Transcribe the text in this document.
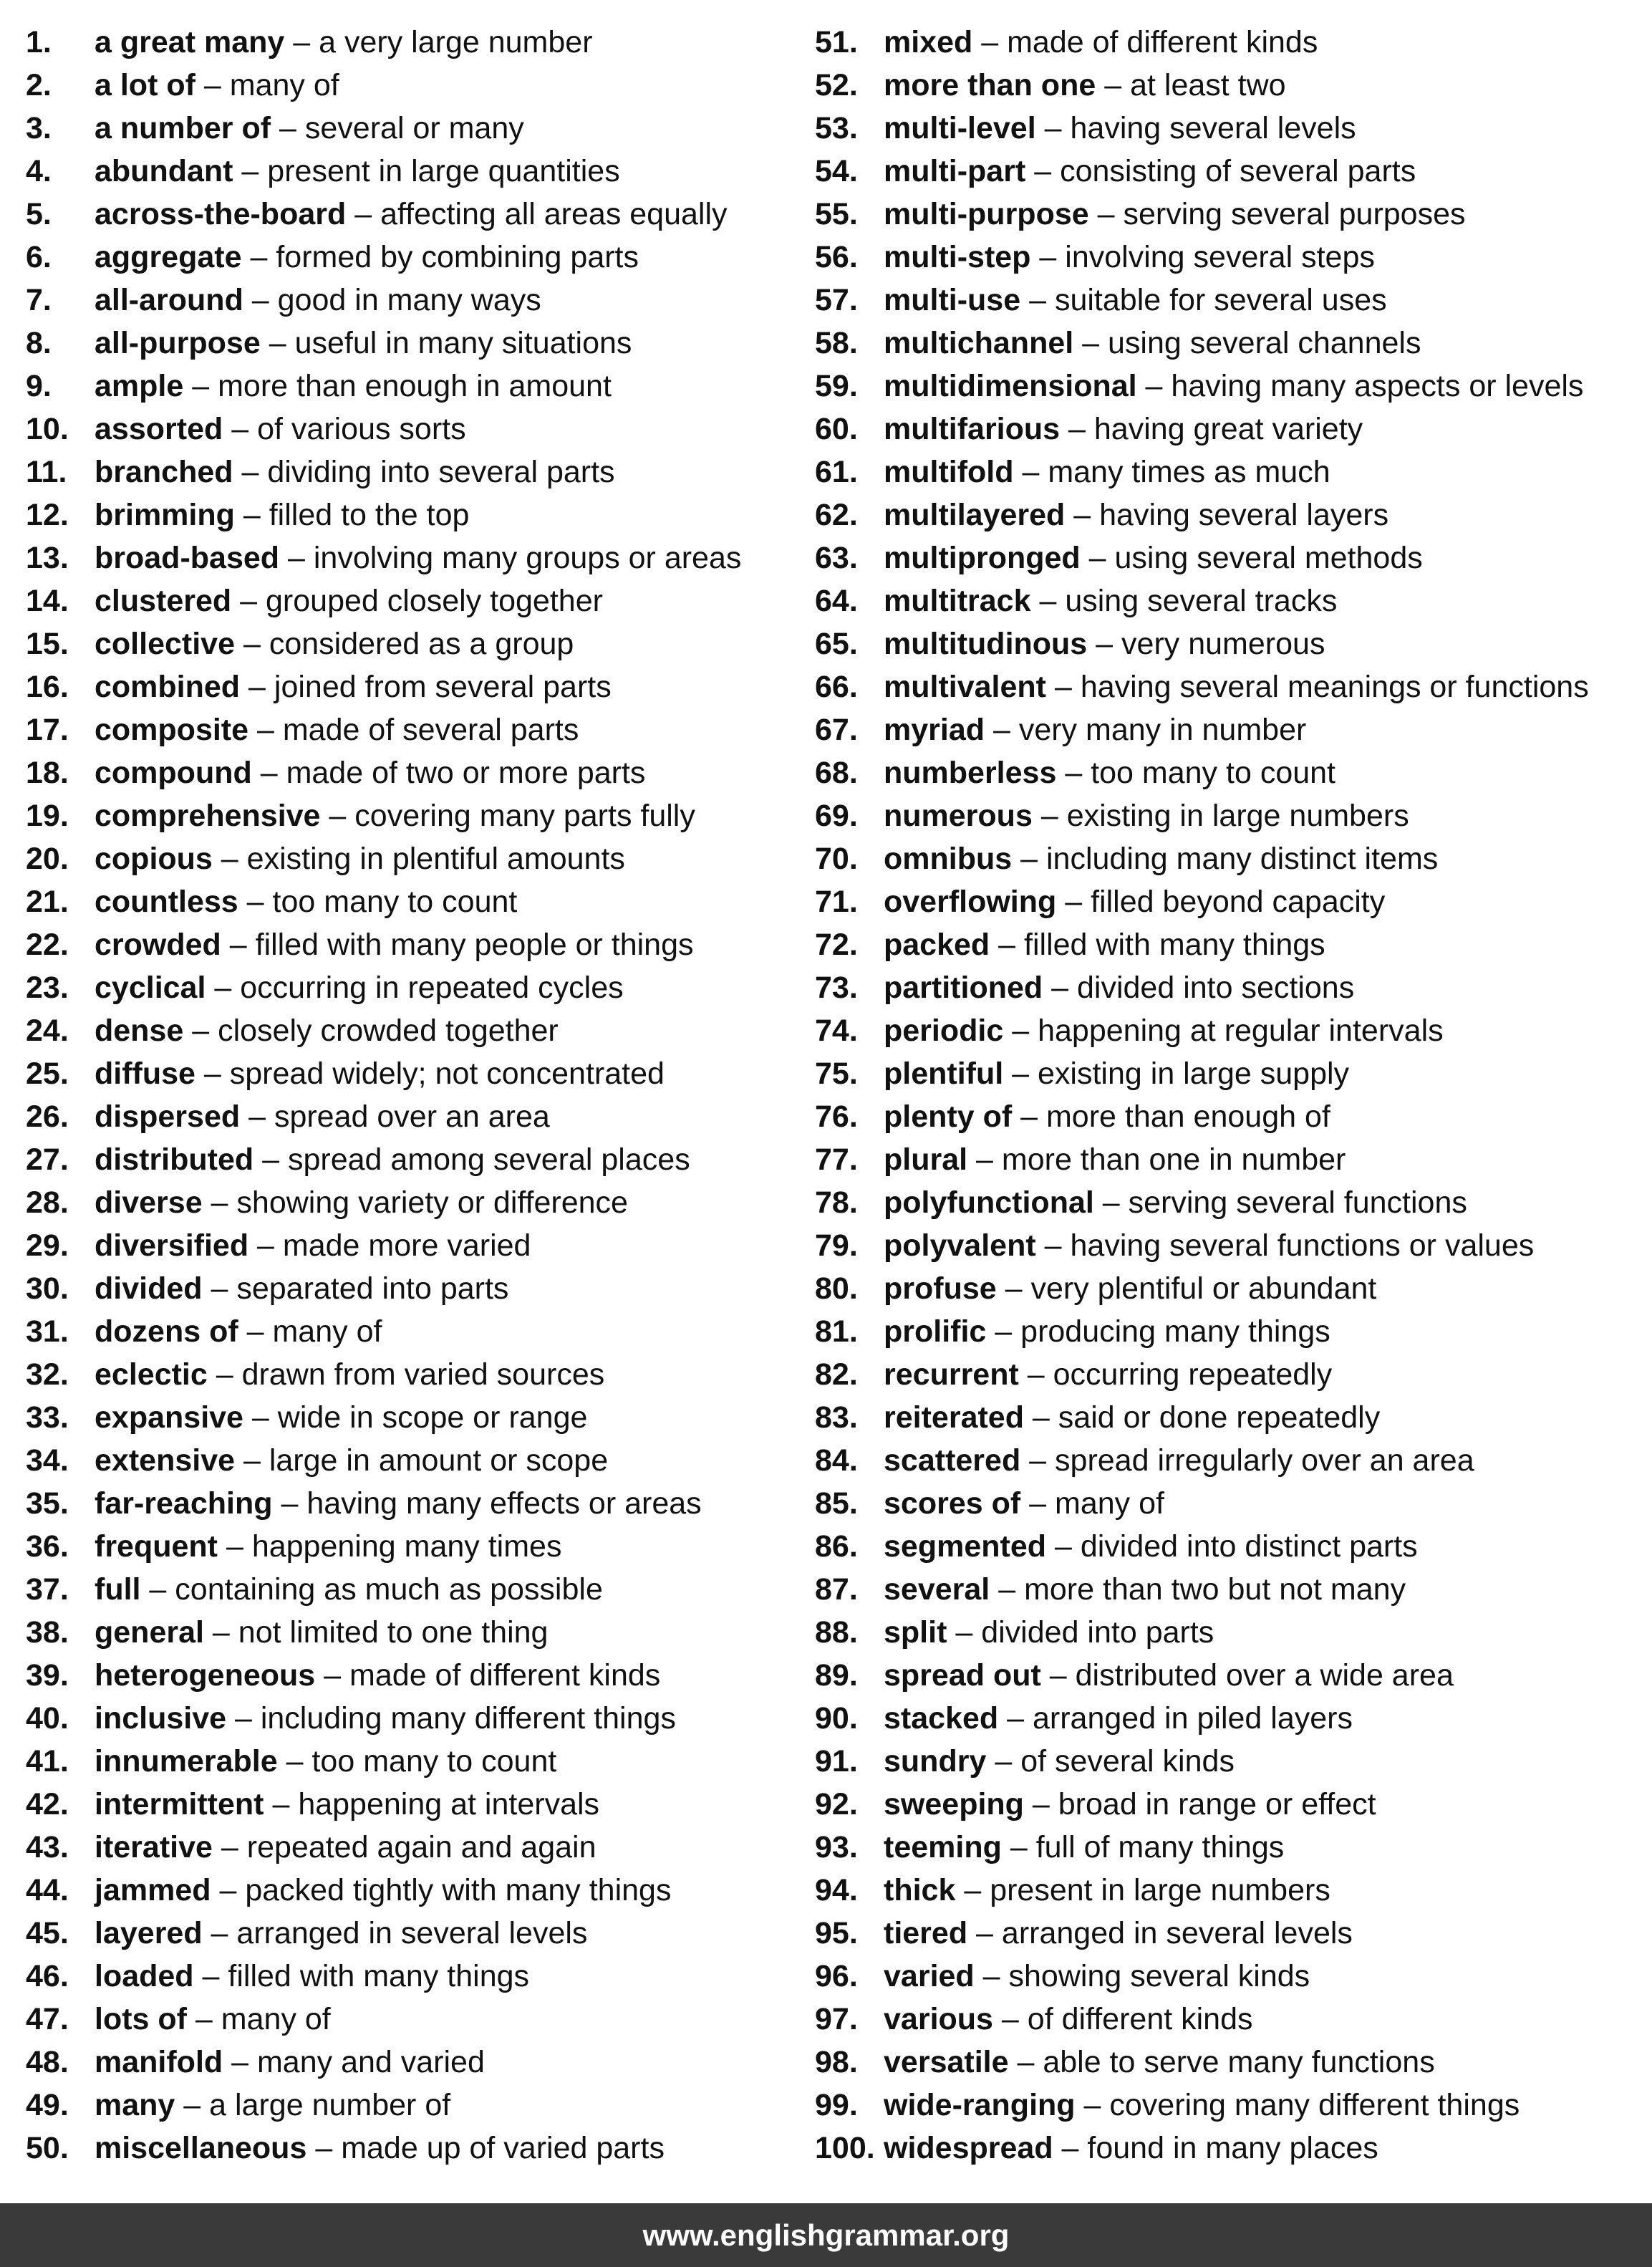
1. a great many – a very large number
2. a lot of – many of
3. a number of – several or many
4. abundant – present in large quantities
5. across-the-board – affecting all areas equally
6. aggregate – formed by combining parts
7. all-around – good in many ways
8. all-purpose – useful in many situations
9. ample – more than enough in amount
10. assorted – of various sorts
11. branched – dividing into several parts
12. brimming – filled to the top
13. broad-based – involving many groups or areas
14. clustered – grouped closely together
15. collective – considered as a group
16. combined – joined from several parts
17. composite – made of several parts
18. compound – made of two or more parts
19. comprehensive – covering many parts fully
20. copious – existing in plentiful amounts
21. countless – too many to count
22. crowded – filled with many people or things
23. cyclical – occurring in repeated cycles
24. dense – closely crowded together
25. diffuse – spread widely; not concentrated
26. dispersed – spread over an area
27. distributed – spread among several places
28. diverse – showing variety or difference
29. diversified – made more varied
30. divided – separated into parts
31. dozens of – many of
32. eclectic – drawn from varied sources
33. expansive – wide in scope or range
34. extensive – large in amount or scope
35. far-reaching – having many effects or areas
36. frequent – happening many times
37. full – containing as much as possible
38. general – not limited to one thing
39. heterogeneous – made of different kinds
40. inclusive – including many different things
41. innumerable – too many to count
42. intermittent – happening at intervals
43. iterative – repeated again and again
44. jammed – packed tightly with many things
45. layered – arranged in several levels
46. loaded – filled with many things
47. lots of – many of
48. manifold – many and varied
49. many – a large number of
50. miscellaneous – made up of varied parts
51. mixed – made of different kinds
52. more than one – at least two
53. multi-level – having several levels
54. multi-part – consisting of several parts
55. multi-purpose – serving several purposes
56. multi-step – involving several steps
57. multi-use – suitable for several uses
58. multichannel – using several channels
59. multidimensional – having many aspects or levels
60. multifarious – having great variety
61. multifold – many times as much
62. multilayered – having several layers
63. multipronged – using several methods
64. multitrack – using several tracks
65. multitudinous – very numerous
66. multivalent – having several meanings or functions
67. myriad – very many in number
68. numberless – too many to count
69. numerous – existing in large numbers
70. omnibus – including many distinct items
71. overflowing – filled beyond capacity
72. packed – filled with many things
73. partitioned – divided into sections
74. periodic – happening at regular intervals
75. plentiful – existing in large supply
76. plenty of – more than enough of
77. plural – more than one in number
78. polyfunctional – serving several functions
79. polyvalent – having several functions or values
80. profuse – very plentiful or abundant
81. prolific – producing many things
82. recurrent – occurring repeatedly
83. reiterated – said or done repeatedly
84. scattered – spread irregularly over an area
85. scores of – many of
86. segmented – divided into distinct parts
87. several – more than two but not many
88. split – divided into parts
89. spread out – distributed over a wide area
90. stacked – arranged in piled layers
91. sundry – of several kinds
92. sweeping – broad in range or effect
93. teeming – full of many things
94. thick – present in large numbers
95. tiered – arranged in several levels
96. varied – showing several kinds
97. various – of different kinds
98. versatile – able to serve many functions
99. wide-ranging – covering many different things
100. widespread – found in many places
www.englishgrammar.org
